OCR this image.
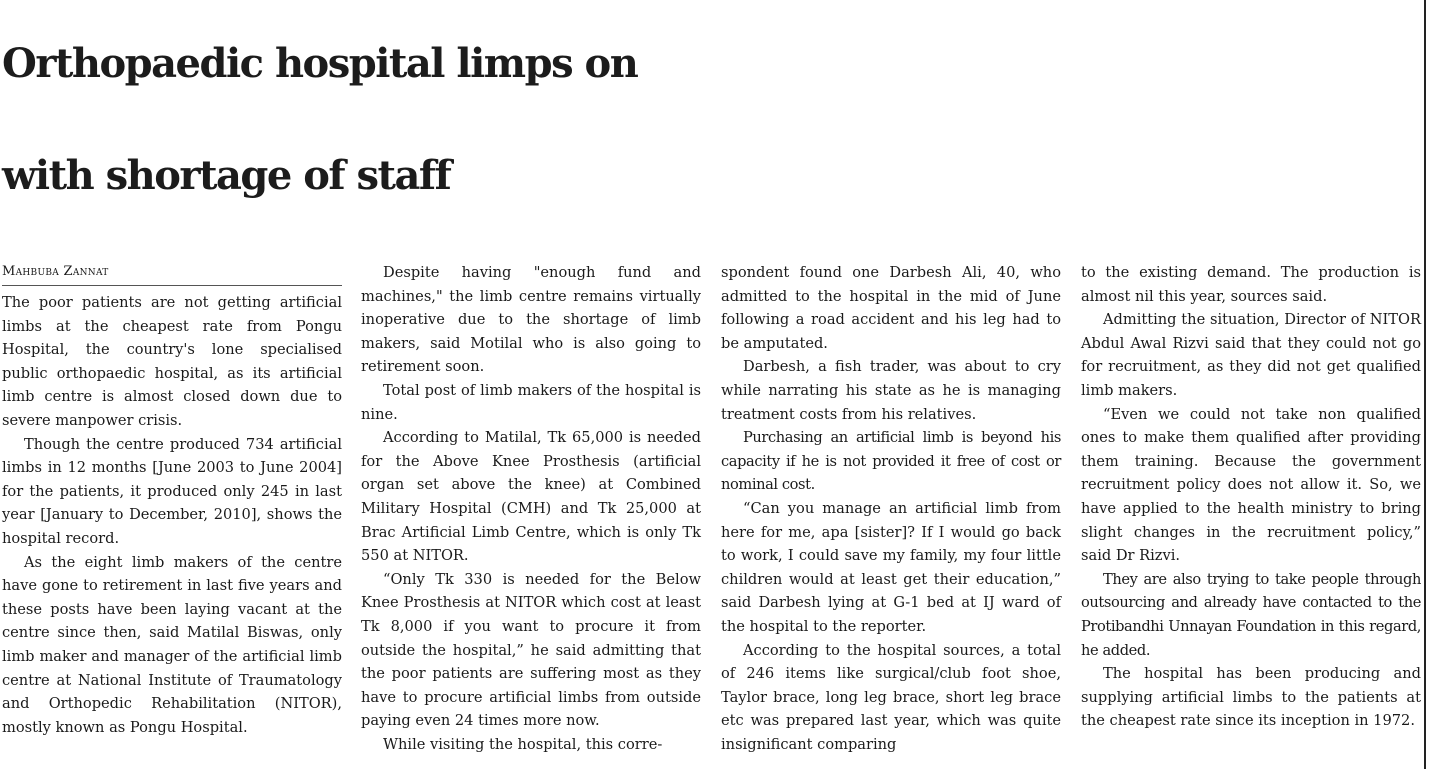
Orthopaedic hospital limps on
with shortage of staff

Mahbuba Zannat

The poor patients are not getting artificial limbs at the cheapest rate from Pongu Hospital, the country's lone specialised public orthopaedic hospital, as its artificial limb centre is almost closed down due to severe manpower crisis.

Though the centre produced 734 artificial limbs in 12 months [June 2003 to June 2004] for the patients, it produced only 245 in last year [January to December, 2010], shows the hospital record.

As the eight limb makers of the centre have gone to retirement in last five years and these posts have been laying vacant at the centre since then, said Matilal Biswas, only limb maker and manager of the artificial limb centre at National Institute of Traumatology and Orthopedic Rehabilitation (NITOR), mostly known as Pongu Hospital.

Despite having "enough fund and machines," the limb centre remains virtually inoperative due to the shortage of limb makers, said Motilal who is also going to retirement soon.

Total post of limb makers of the hospital is nine.

According to Matilal, Tk 65,000 is needed for the Above Knee Prosthesis (artificial organ set above the knee) at Combined Military Hospital (CMH) and Tk 25,000 at Brac Artificial Limb Centre, which is only Tk 550 at NITOR.

“Only Tk 330 is needed for the Below Knee Prosthesis at NITOR which cost at least Tk 8,000 if you want to procure it from outside the hospital,” he said admitting that the poor patients are suffering most as they have to procure artificial limbs from outside paying even 24 times more now.

While visiting the hospital, this corre-

spondent found one Darbesh Ali, 40, who admitted to the hospital in the mid of June following a road accident and his leg had to be amputated.

Darbesh, a fish trader, was about to cry while narrating his state as he is managing treatment costs from his relatives.

Purchasing an artificial limb is beyond his capacity if he is not provided it free of cost or nominal cost.

“Can you manage an artificial limb from here for me, apa [sister]? If I would go back to work, I could save my family, my four little children would at least get their education,” said Darbesh lying at G-1 bed at IJ ward of the hospital to the reporter.

According to the hospital sources, a total of 246 items like surgical/club foot shoe, Taylor brace, long leg brace, short leg brace etc was prepared last year, which was quite insignificant comparing

to the existing demand. The production is almost nil this year, sources said.

Admitting the situation, Director of NITOR Abdul Awal Rizvi said that they could not go for recruitment, as they did not get qualified limb makers.

“Even we could not take non qualified ones to make them qualified after providing them training. Because the government recruitment policy does not allow it. So, we have applied to the health ministry to bring slight changes in the recruitment policy,” said Dr Rizvi.

They are also trying to take people through outsourcing and already have contacted to the Protibandhi Unnayan Foundation in this regard, he added.

The hospital has been producing and supplying artificial limbs to the patients at the cheapest rate since its inception in 1972.
